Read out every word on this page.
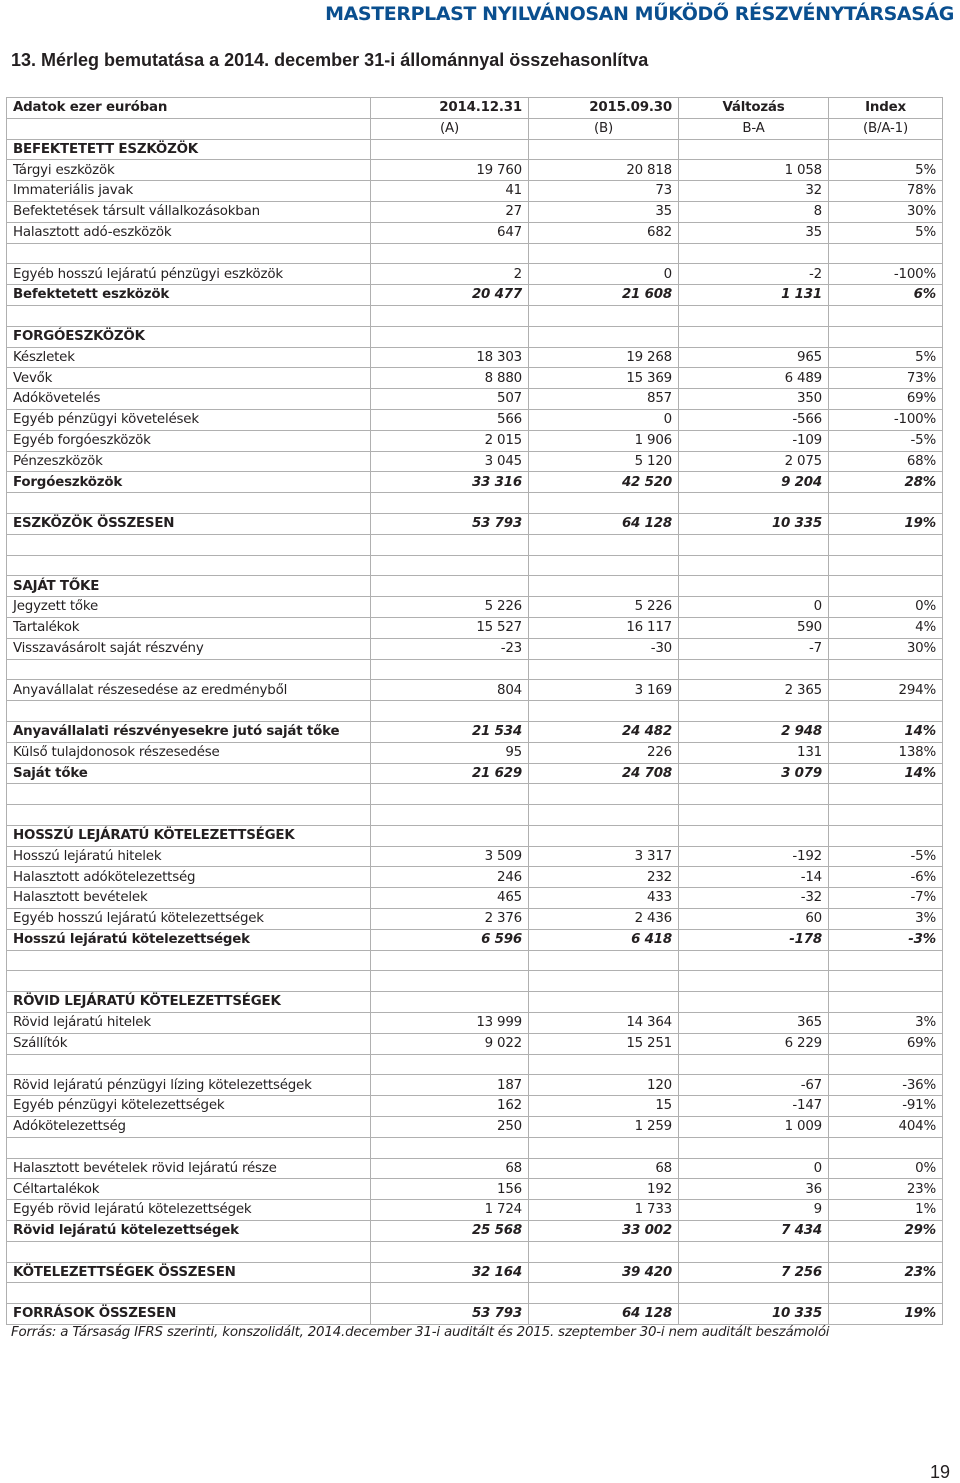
MASTERPLAST NYILVÁNOSAN MŰKÖDŐ RÉSZVÉNYTÁRSASÁG
13. Mérleg bemutatása a 2014. december 31-i állománnyal összehasonlítva
Adatok ezer euróban	2014.12.31	2015.09.30	Változás	Index
	(A)	(B)	B-A	(B/A-1)
BEFEKTETETT ESZKÖZÖK				
Tárgyi eszközök	19 760	20 818	1 058	5%
Immateriális javak	41	73	32	78%
Befektetések társult vállalkozásokban	27	35	8	30%
Halasztott adó-eszközök	647	682	35	5%

Egyéb hosszú lejáratú pénzügyi eszközök	2	0	-2	-100%
Befektetett eszközök	20 477	21 608	1 131	6%

FORGÓESZKÖZÖK				
Készletek	18 303	19 268	965	5%
Vevők	8 880	15 369	6 489	73%
Adókövetelés	507	857	350	69%
Egyéb pénzügyi követelések	566	0	-566	-100%
Egyéb forgóeszközök	2 015	1 906	-109	-5%
Pénzeszközök	3 045	5 120	2 075	68%
Forgóeszközök	33 316	42 520	9 204	28%

ESZKÖZÖK ÖSSZESEN	53 793	64 128	10 335	19%

SAJÁT TŐKE				
Jegyzett tőke	5 226	5 226	0	0%
Tartalékok	15 527	16 117	590	4%
Visszavásárolt saját részvény	-23	-30	-7	30%

Anyavállalat részesedése az eredményből	804	3 169	2 365	294%

Anyavállalati részvényesekre jutó saját tőke	21 534	24 482	2 948	14%
Külső tulajdonosok részesedése	95	226	131	138%
Saját tőke	21 629	24 708	3 079	14%

HOSSZÚ LEJÁRATÚ KÖTELEZETTSÉGEK				
Hosszú lejáratú hitelek	3 509	3 317	-192	-5%
Halasztott adókötelezettség	246	232	-14	-6%
Halasztott bevételek	465	433	-32	-7%
Egyéb hosszú lejáratú kötelezettségek	2 376	2 436	60	3%
Hosszú lejáratú kötelezettségek	6 596	6 418	-178	-3%

RÖVID LEJÁRATÚ KÖTELEZETTSÉGEK				
Rövid lejáratú hitelek	13 999	14 364	365	3%
Szállítók	9 022	15 251	6 229	69%

Rövid lejáratú pénzügyi lízing kötelezettségek	187	120	-67	-36%
Egyéb pénzügyi kötelezettségek	162	15	-147	-91%
Adókötelezettség	250	1 259	1 009	404%

Halasztott bevételek rövid lejáratú része	68	68	0	0%
Céltartalékok	156	192	36	23%
Egyéb rövid lejáratú kötelezettségek	1 724	1 733	9	1%
Rövid lejáratú kötelezettségek	25 568	33 002	7 434	29%

KÖTELEZETTSÉGEK ÖSSZESEN	32 164	39 420	7 256	23%

FORRÁSOK ÖSSZESEN	53 793	64 128	10 335	19%
Forrás: a Társaság IFRS szerinti, konszolidált, 2014.december 31-i auditált és 2015. szeptember 30-i nem auditált beszámolói
19
